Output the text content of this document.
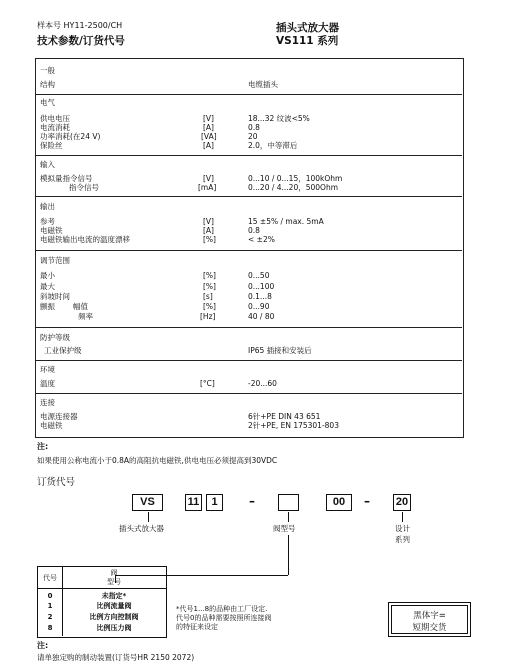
样本号 HY11-2500/CH
技术参数/订货代号
插头式放大器
VS111 系列
一般
结构	电缆插头
电气
供电电压	[V]	18...32 纹波<5%
电流消耗	[A]	0.8
功率消耗(在24 V)	[VA]	20
保险丝	[A]	2.0，中等滞后
输入
模拟量指令信号	[V]	0...10 / 0...15，100kOhm
指令信号	[mA]	0...20 / 4...20，500Ohm
输出
参考	[V]	15 ±5% / max. 5mA
电磁铁	[A]	0.8
电磁铁输出电流的温度漂移	[%]	< ±2%
调节范围
最小	[%]	0...50
最大	[%]	0...100
斜坡时间	[s]	0.1...8
颤振 幅值	[%]	0...90
频率	[Hz]	40 / 80
防护等级
工业保护级	IP65 插接和安装后
环境
温度	[°C]	-20...60
连接
电源连接器	6针+PE DIN 43 651
电磁铁	2针+PE, EN 175301-803
注:
如果使用公称电流小于0.8A的高阻抗电磁铁,供电电压必须提高到30VDC
订货代号
VS	11	1	–	00	– 20
插头式放大器	阀型号	设计
系列
代号
阀
型号
0	未指定*
1	比例流量阀
2	比例方向控制阀
8	比例压力阀
*代号1...8的品种由工厂设定.
代号0的品种需要按照所连接阀
的特征来设定
黑体字=
短期交货
注:
请单独定购的制动装置(订货号HR 2150 2072)
